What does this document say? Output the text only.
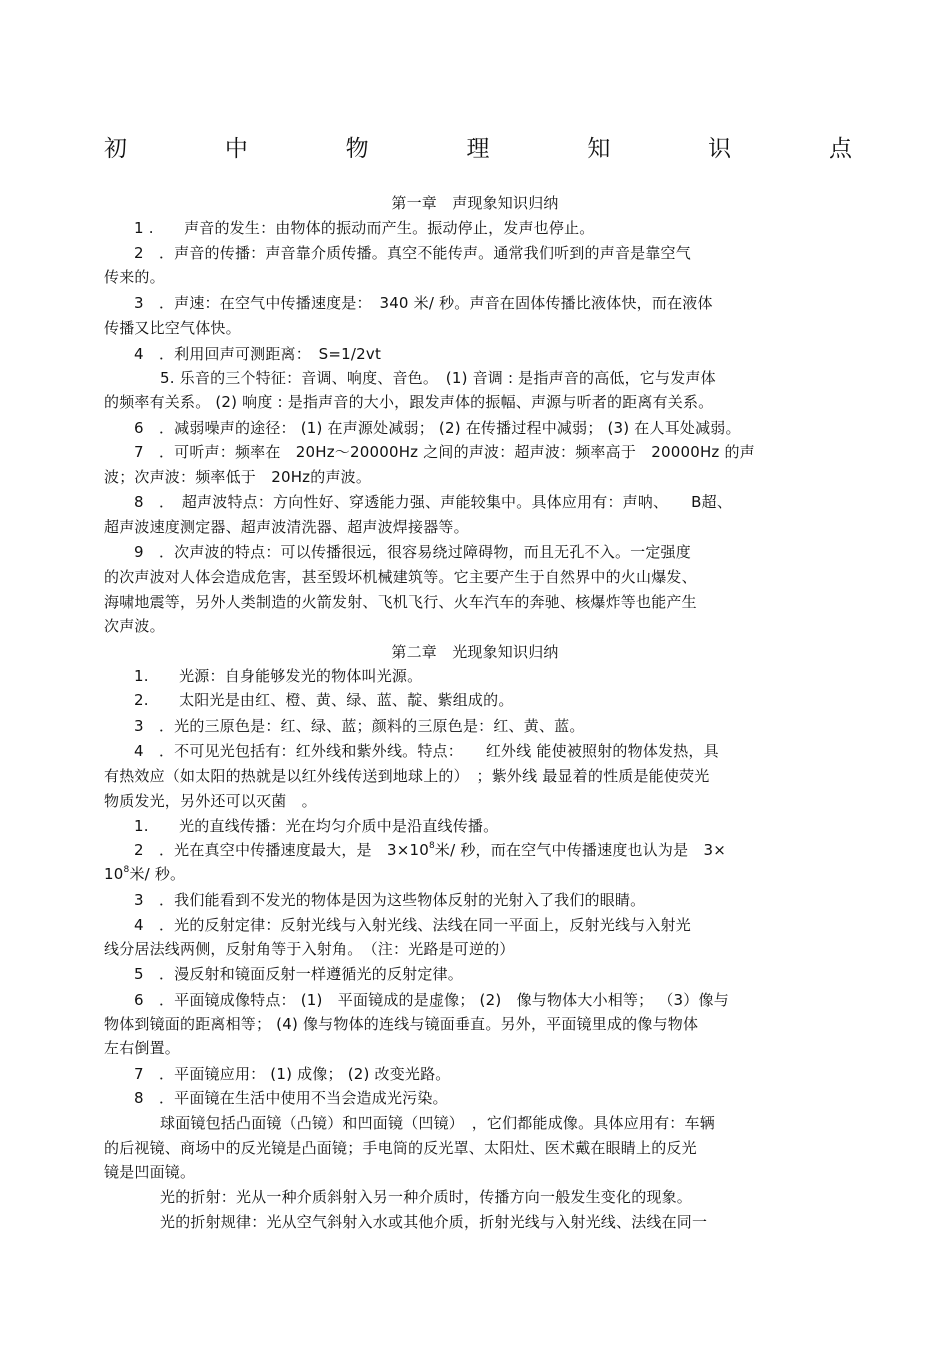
初	中	物	理	知	识	点
第一章　声现象知识归纳
1 .　　声音的发生：由物体的振动而产生。振动停止，发声也停止。
2　．声音的传播：声音靠介质传播。真空不能传声。通常我们听到的声音是靠空气
传来的。
3　．声速：在空气中传播速度是：　340 米/ 秒。声音在固体传播比液体快，而在液体
传播又比空气体快。
4　．利用回声可测距离：　S=1/2vt
5. 乐音的三个特征：音调、响度、音色。　(1) 音调 : 是指声音的高低，它与发声体
的频率有关系。 (2) 响度 : 是指声音的大小，跟发声体的振幅、声源与听者的距离有关系。
6　．减弱噪声的途径： (1) 在声源处减弱； (2) 在传播过程中减弱； (3) 在人耳处减弱。
7　．可听声：频率在　20Hz～20000Hz 之间的声波：超声波：频率高于　20000Hz 的声
波；次声波：频率低于　20Hz的声波。
8　．　超声波特点：方向性好、穿透能力强、声能较集中。具体应用有：声呐、　　B超、
超声波速度测定器、超声波清洗器、超声波焊接器等。
9　．次声波的特点：可以传播很远，很容易绕过障碍物，而且无孔不入。一定强度
的次声波对人体会造成危害，甚至毁坏机械建筑等。它主要产生于自然界中的火山爆发、
海啸地震等，另外人类制造的火箭发射、飞机飞行、火车汽车的奔驰、核爆炸等也能产生
次声波。
第二章　光现象知识归纳
1.　　光源：自身能够发光的物体叫光源。
2.　　太阳光是由红、橙、黄、绿、蓝、靛、紫组成的。
3　．光的三原色是：红、绿、蓝；颜料的三原色是：红、黄、蓝。
4　．不可见光包括有：红外线和紫外线。特点：　　红外线 能使被照射的物体发热，具
有热效应（如太阳的热就是以红外线传送到地球上的）　；紫外线 最显着的性质是能使荧光
物质发光，另外还可以灭菌　。
1.　　光的直线传播：光在均匀介质中是沿直线传播。
2　．光在真空中传播速度最大，是　$3\times 10^8$米/ 秒，而在空气中传播速度也认为是　3×
$10^8$米/ 秒。
3　．我们能看到不发光的物体是因为这些物体反射的光射入了我们的眼睛。
4　．光的反射定律：反射光线与入射光线、法线在同一平面上，反射光线与入射光
线分居法线两侧，反射角等于入射角。　（注：光路是可逆的）
5　．漫反射和镜面反射一样遵循光的反射定律。
6　．平面镜成像特点： (1)　平面镜成的是虚像； (2)　像与物体大小相等； （3）像与
物体到镜面的距离相等； (4) 像与物体的连线与镜面垂直。另外，平面镜里成的像与物体
左右倒置。
7　．平面镜应用： (1) 成像； (2) 改变光路。
8　．平面镜在生活中使用不当会造成光污染。
球面镜包括凸面镜（凸镜）和凹面镜（凹镜）　，它们都能成像。具体应用有：车辆
的后视镜、商场中的反光镜是凸面镜；手电筒的反光罩、太阳灶、医术戴在眼睛上的反光
镜是凹面镜。
光的折射：光从一种介质斜射入另一种介质时，传播方向一般发生变化的现象。
光的折射规律：光从空气斜射入水或其他介质，折射光线与入射光线、法线在同一
